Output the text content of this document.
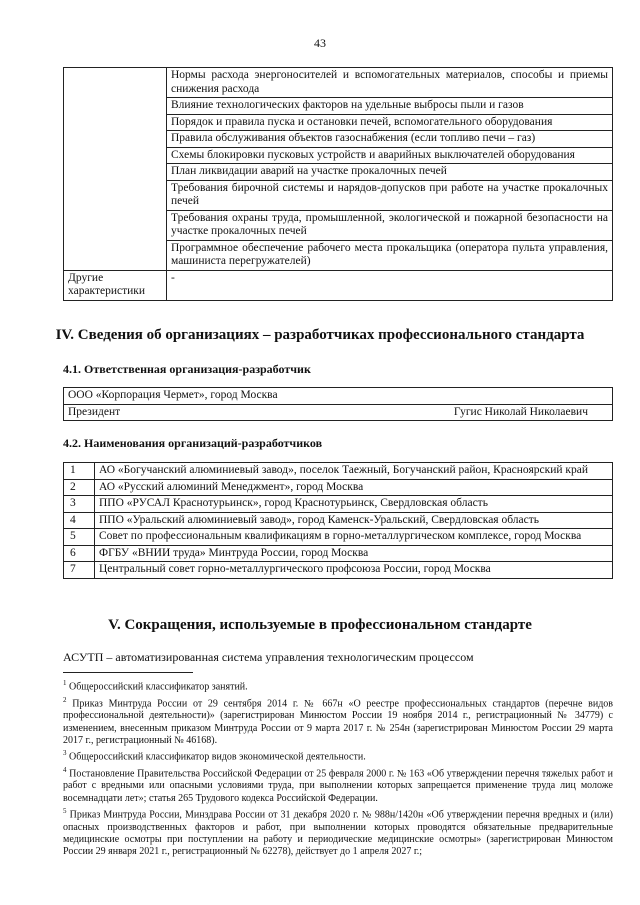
43
	Нормы расхода энергоносителей и вспомогательных материалов, способы и приемы снижения расхода
	Влияние технологических факторов на удельные выбросы пыли и газов
	Порядок и правила пуска и остановки печей, вспомогательного оборудования
	Правила обслуживания объектов газоснабжения (если топливо печи – газ)
	Схемы блокировки пусковых устройств и аварийных выключателей оборудования
	План ликвидации аварий на участке прокалочных печей
	Требования бирочной системы и нарядов-допусков при работе на участке прокалочных печей
	Требования охраны труда, промышленной, экологической и пожарной безопасности на участке прокалочных печей
	Программное обеспечение рабочего места прокальщика (оператора пульта управления, машиниста перегружателей)
Другие характеристики	-
IV. Сведения об организациях – разработчиках профессионального стандарта
4.1. Ответственная организация-разработчик
ООО «Корпорация Чермет», город Москва
Президент	Гугис Николай Николаевич
4.2. Наименования организаций-разработчиков
1	АО «Богучанский алюминиевый завод», поселок Таежный, Богучанский район, Красноярский край
2	АО «Русский алюминий Менеджмент», город Москва
3	ППО «РУСАЛ Краснотурьинск», город Краснотурьинск, Свердловская область
4	ППО «Уральский алюминиевый завод», город Каменск-Уральский, Свердловская область
5	Совет по профессиональным квалификациям в горно-металлургическом комплексе, город Москва
6	ФГБУ «ВНИИ труда» Минтруда России, город Москва
7	Центральный совет горно-металлургического профсоюза России, город Москва
V. Сокращения, используемые в профессиональном стандарте
АСУТП – автоматизированная система управления технологическим процессом

$^1$ Общероссийский классификатор занятий.

$^2$ Приказ Минтруда России от 29 сентября 2014 г. № 667н «О реестре профессиональных стандартов (перечне видов профессиональной деятельности)» (зарегистрирован Минюстом России 19 ноября 2014 г., регистрационный № 34779) с изменением, внесенным приказом Минтруда России от 9 марта 2017 г. № 254н (зарегистрирован Минюстом России 29 марта 2017 г., регистрационный № 46168).

$^3$ Общероссийский классификатор видов экономической деятельности.

$^4$ Постановление Правительства Российской Федерации от 25 февраля 2000 г. № 163 «Об утверждении перечня тяжелых работ и работ с вредными или опасными условиями труда, при выполнении которых запрещается применение труда лиц моложе восемнадцати лет»; статья 265 Трудового кодекса Российской Федерации.

$^5$ Приказ Минтруда России, Минздрава России от 31 декабря 2020 г. № 988н/1420н «Об утверждении перечня вредных и (или) опасных производственных факторов и работ, при выполнении которых проводятся обязательные предварительные медицинские осмотры при поступлении на работу и периодические медицинские осмотры» (зарегистрирован Минюстом России 29 января 2021 г., регистрационный № 62278), действует до 1 апреля 2027 г.;
